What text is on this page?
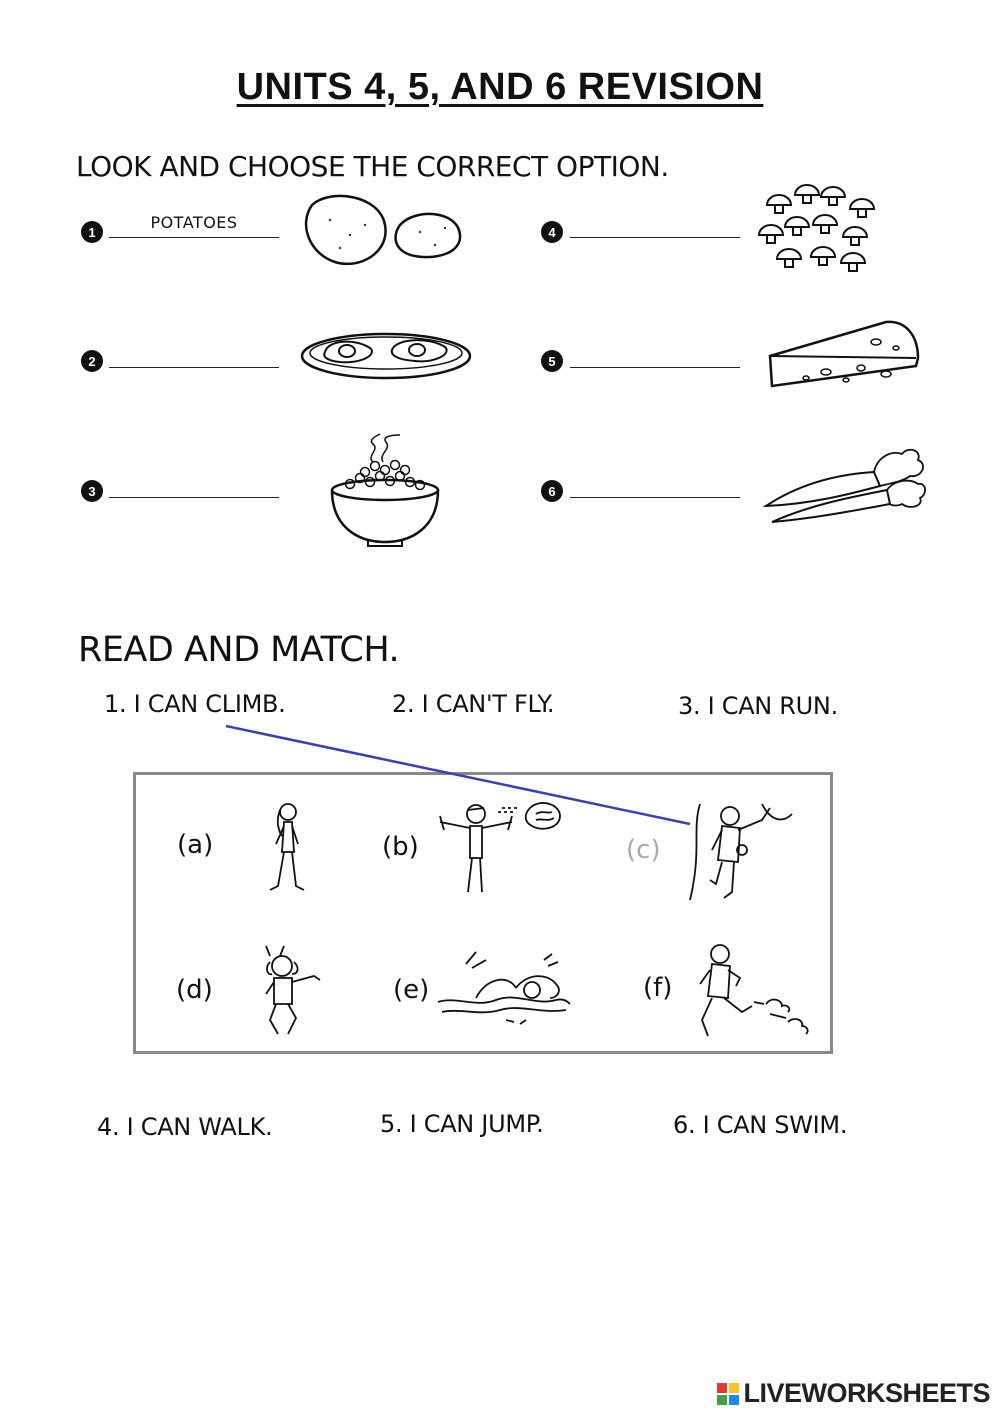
UNITS 4, 5, AND 6 REVISION
LOOK AND CHOOSE THE CORRECT OPTION.
1	POTATOES
2
3
4
5
6
READ AND MATCH.
1. I CAN CLIMB.	2. I CAN'T FLY.	3. I CAN RUN.
(a)	(b)	(c)
(d)	(e)	(f)
4. I CAN WALK.	5. I CAN JUMP.	6. I CAN SWIM.
LIVEWORKSHEETS
